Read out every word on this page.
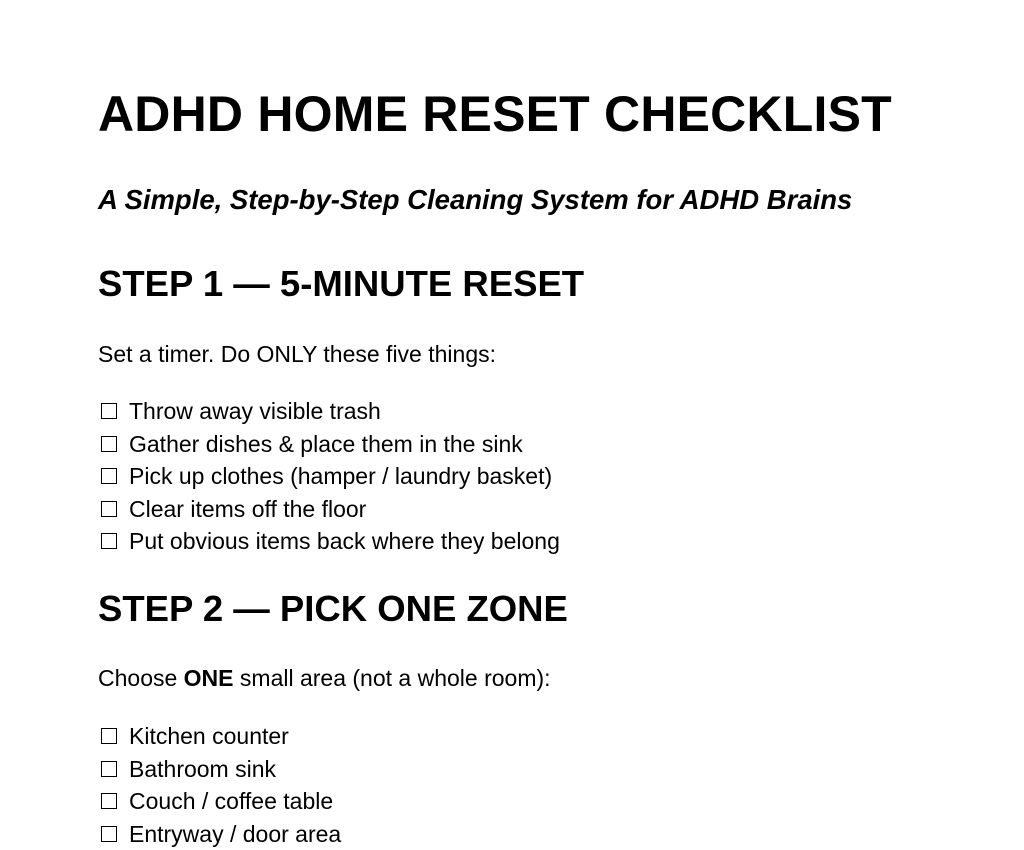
ADHD HOME RESET CHECKLIST
A Simple, Step-by-Step Cleaning System for ADHD Brains
STEP 1 — 5-MINUTE RESET

Set a timer. Do ONLY these five things:

Throw away visible trash
Gather dishes & place them in the sink
Pick up clothes (hamper / laundry basket)
Clear items off the floor
Put obvious items back where they belong
STEP 2 — PICK ONE ZONE

Choose ONE small area (not a whole room):

Kitchen counter
Bathroom sink
Couch / coffee table
Entryway / door area
